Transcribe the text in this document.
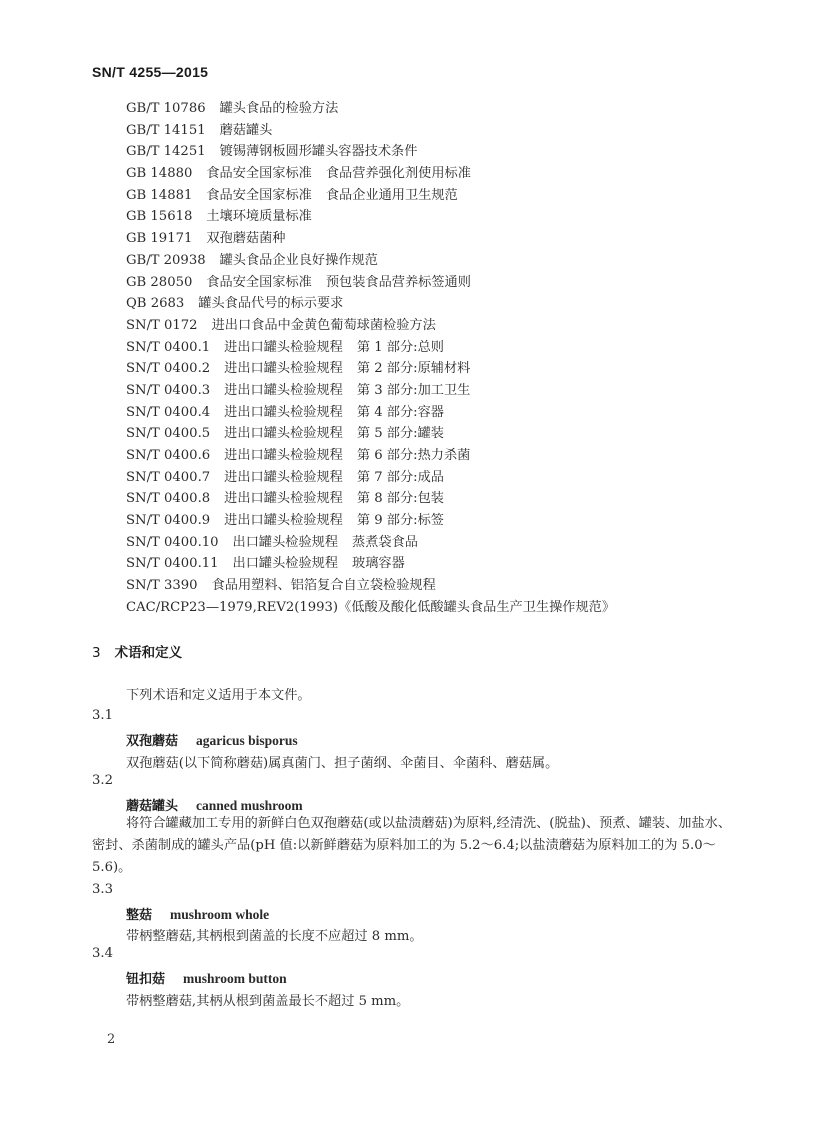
SN/T 4255—2015
GB/T 10786 罐头食品的检验方法
GB/T 14151 蘑菇罐头
GB/T 14251 镀锡薄钢板圆形罐头容器技术条件
GB 14880 食品安全国家标准 食品营养强化剂使用标准
GB 14881 食品安全国家标准 食品企业通用卫生规范
GB 15618 土壤环境质量标准
GB 19171 双孢蘑菇菌种
GB/T 20938 罐头食品企业良好操作规范
GB 28050 食品安全国家标准 预包装食品营养标签通则
QB 2683 罐头食品代号的标示要求
SN/T 0172 进出口食品中金黄色葡萄球菌检验方法
SN/T 0400.1 进出口罐头检验规程 第 1 部分:总则
SN/T 0400.2 进出口罐头检验规程 第 2 部分:原辅材料
SN/T 0400.3 进出口罐头检验规程 第 3 部分:加工卫生
SN/T 0400.4 进出口罐头检验规程 第 4 部分:容器
SN/T 0400.5 进出口罐头检验规程 第 5 部分:罐装
SN/T 0400.6 进出口罐头检验规程 第 6 部分:热力杀菌
SN/T 0400.7 进出口罐头检验规程 第 7 部分:成品
SN/T 0400.8 进出口罐头检验规程 第 8 部分:包装
SN/T 0400.9 进出口罐头检验规程 第 9 部分:标签
SN/T 0400.10 出口罐头检验规程 蒸煮袋食品
SN/T 0400.11 出口罐头检验规程 玻璃容器
SN/T 3390 食品用塑料、铝箔复合自立袋检验规程
CAC/RCP23—1979,REV2(1993)《低酸及酸化低酸罐头食品生产卫生操作规范》
3 术语和定义
下列术语和定义适用于本文件。
3.1
双孢蘑菇 agaricus bisporus
双孢蘑菇(以下简称蘑菇)属真菌门、担子菌纲、伞菌目、伞菌科、蘑菇属。
3.2
蘑菇罐头 canned mushroom
将符合罐藏加工专用的新鲜白色双孢蘑菇(或以盐渍蘑菇)为原料,经清洗、(脱盐)、预煮、罐装、加盐水、密封、杀菌制成的罐头产品(pH 值:以新鲜蘑菇为原料加工的为 5.2～6.4;以盐渍蘑菇为原料加工的为 5.0～5.6)。
3.3
整菇 mushroom whole
带柄整蘑菇,其柄根到菌盖的长度不应超过 8 mm。
3.4
钮扣菇 mushroom button
带柄整蘑菇,其柄从根到菌盖最长不超过 5 mm。
2
